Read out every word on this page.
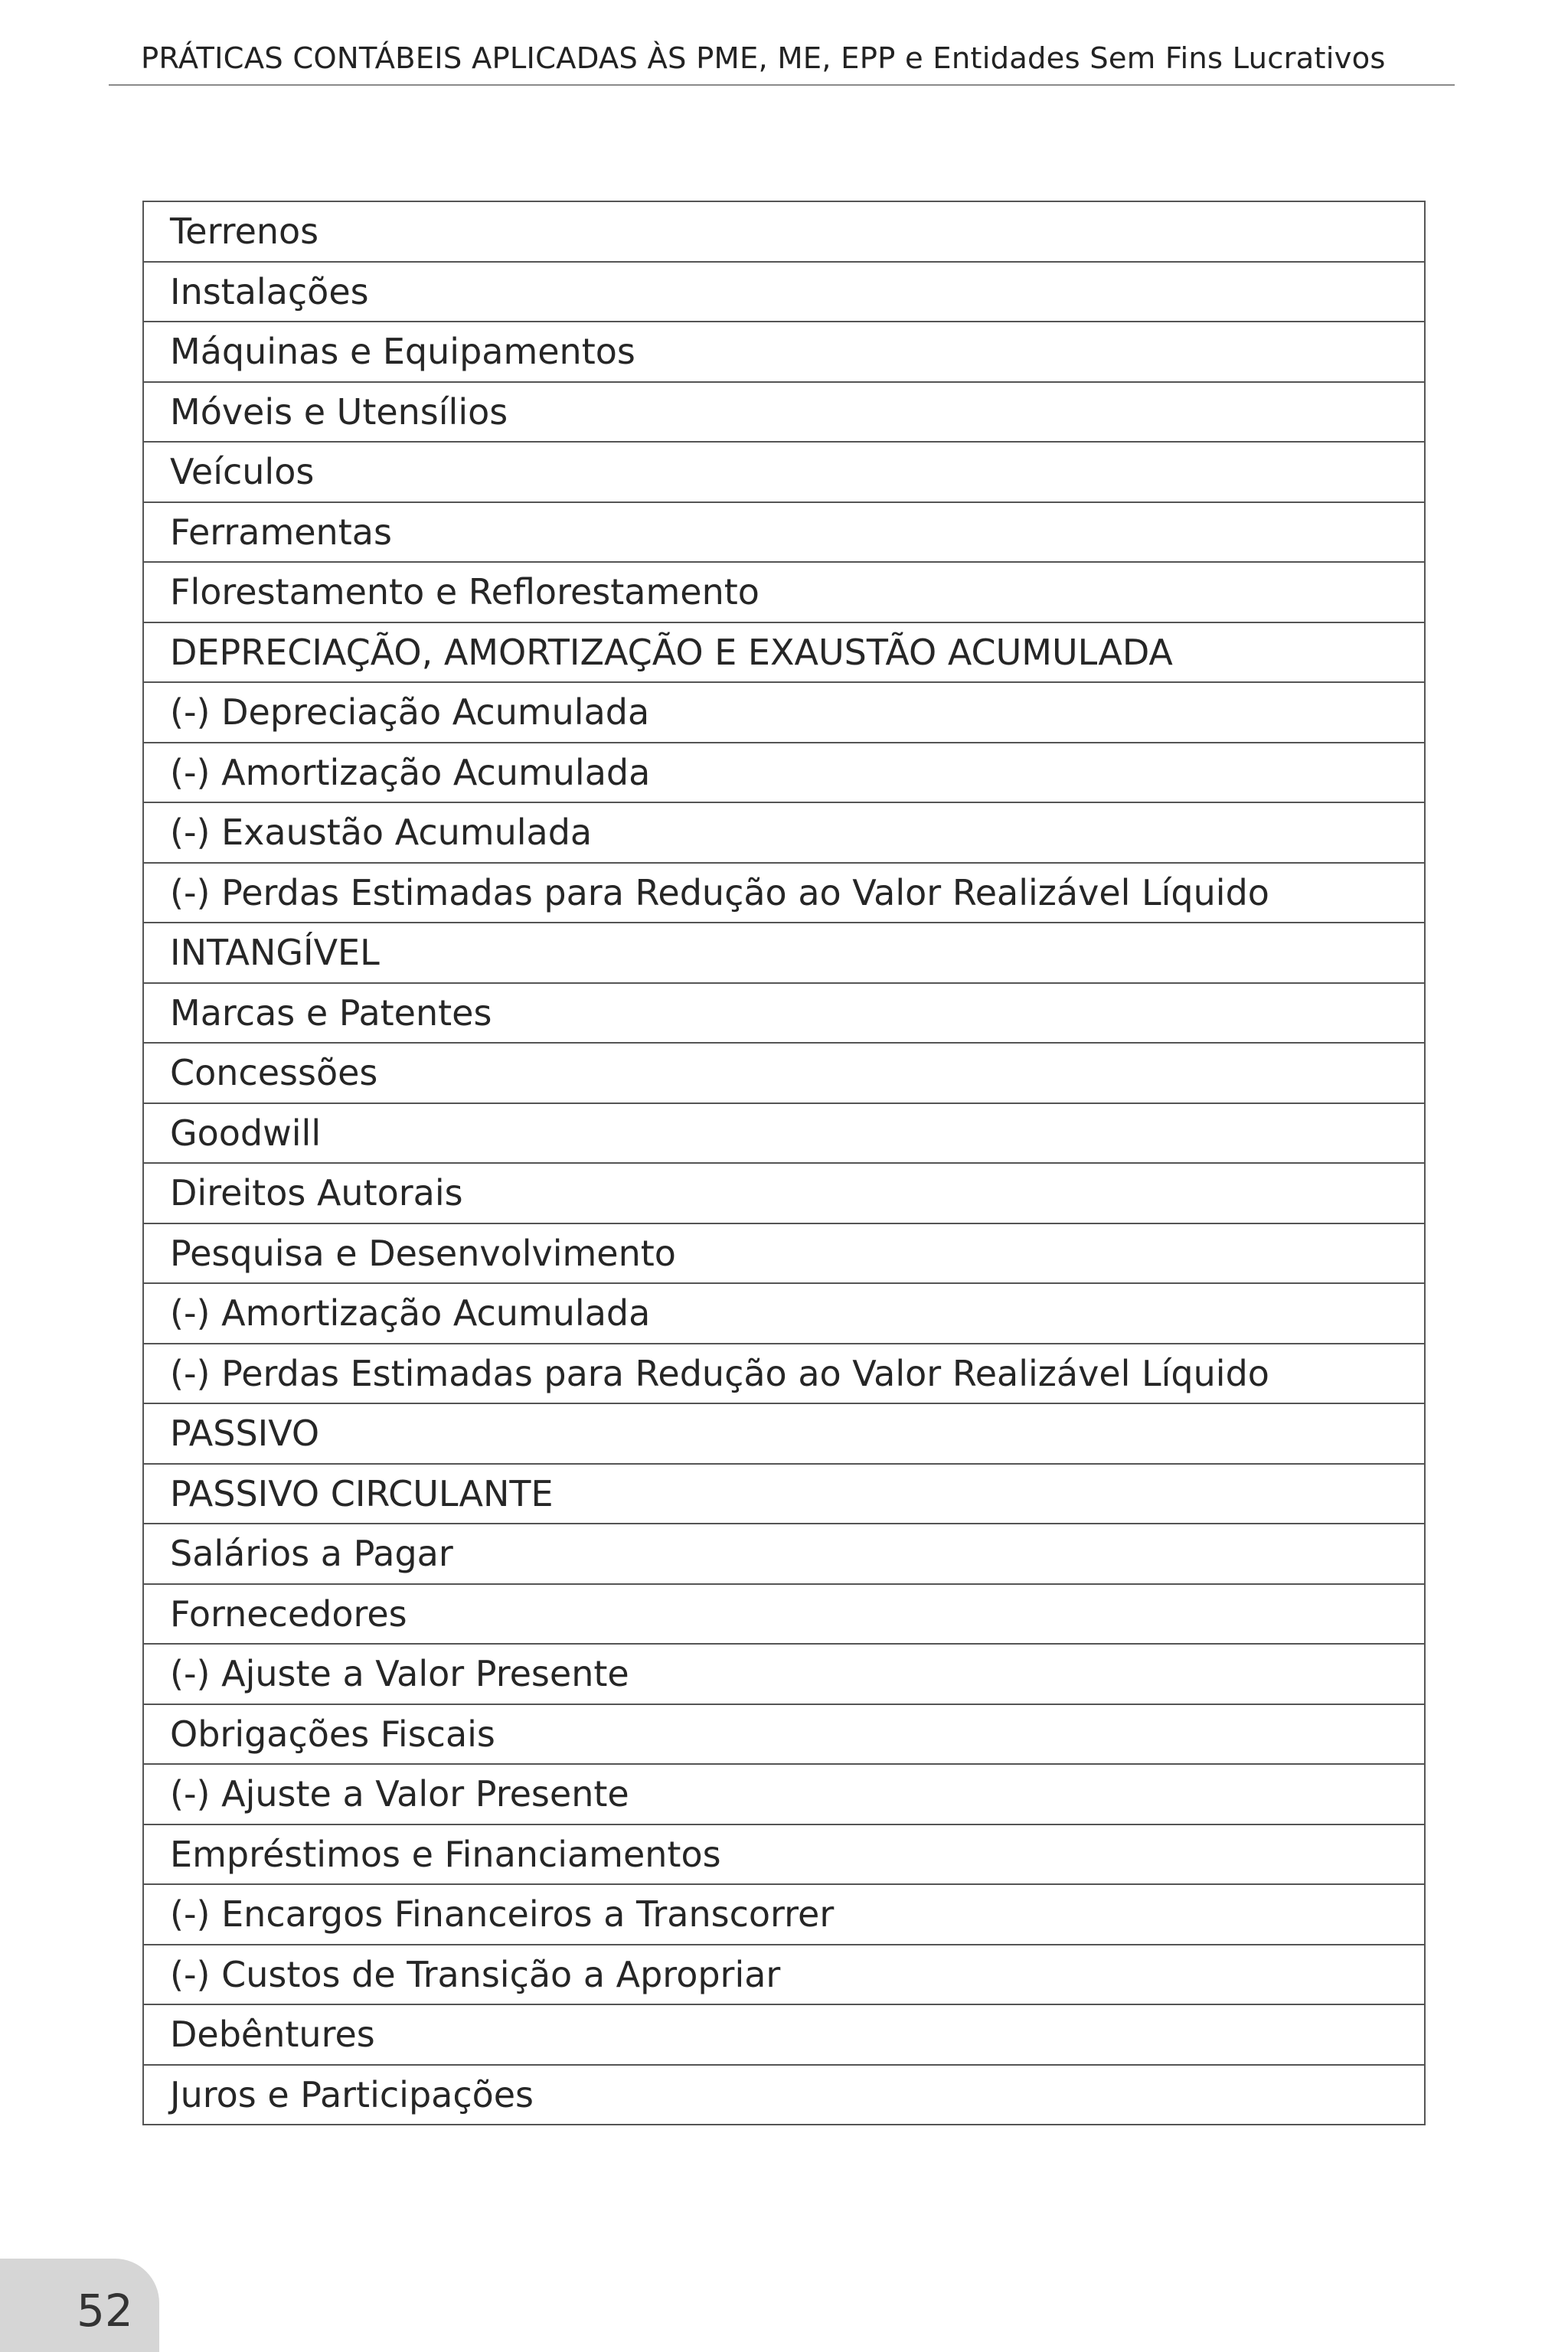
PRÁTICAS CONTÁBEIS APLICADAS ÀS PME, ME, EPP e Entidades Sem Fins Lucrativos
Terrenos
Instalações
Máquinas e Equipamentos
Móveis e Utensílios
Veículos
Ferramentas
Florestamento e Reflorestamento
DEPRECIAÇÃO, AMORTIZAÇÃO E EXAUSTÃO ACUMULADA
(-) Depreciação Acumulada
(-) Amortização Acumulada
(-) Exaustão Acumulada
(-) Perdas Estimadas para Redução ao Valor Realizável Líquido
INTANGÍVEL
Marcas e Patentes
Concessões
Goodwill
Direitos Autorais
Pesquisa e Desenvolvimento
(-) Amortização Acumulada
(-) Perdas Estimadas para Redução ao Valor Realizável Líquido
PASSIVO
PASSIVO CIRCULANTE
Salários a Pagar
Fornecedores
(-) Ajuste a Valor Presente
Obrigações Fiscais
(-) Ajuste a Valor Presente
Empréstimos e Financiamentos
(-) Encargos Financeiros a Transcorrer
(-) Custos de Transição a Apropriar
Debêntures
Juros e Participações
52
